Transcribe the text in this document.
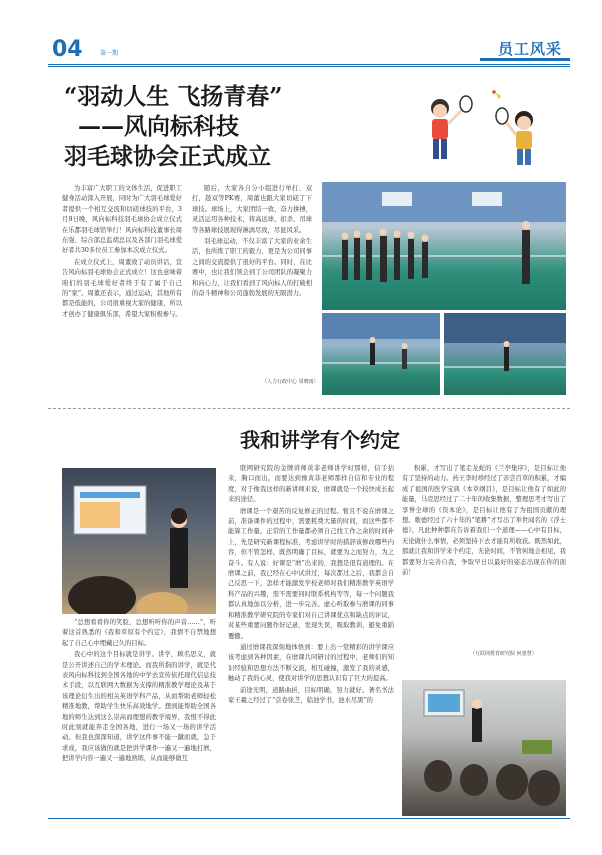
04	第一期	员工风采
“羽动人生 飞扬青春”
——风向标科技
羽毛球协会正式成立

为丰富广大职工的文体生活，促进职工健身活动深入开展，同时为广大羽毛球爱好者提供一个相互交流和切磋球技的平台，3月9日晚，风向标科技羽毛球协会成立仪式在乐都羽毛球馆举行！风向标科技董事长周东强、综合部总监胡总以及各部门羽毛球爱好者共30多位员工参加本次成立仪式。

在成立仪式上，周董致了动员讲话，宣告风向标羽毛球协会正式成立！这也意味着咱们的羽毛球爱好者终于有了属于自己的“家”。周董还表示，通过运动，其他所有都是低能的，公司很重视大家的健康，所以才创办了健康俱乐部，希望大家积极参与。

随后，大家各自分小组进行单打、双打，趁双等PK赛，周董也跟大家切磋了下球技。球场上，大家团结一致，奋力拼搏，灵活运用各种技术，将高远球，扣杀、吊球等各路球技展现得淋漓尽致，尽显风采。

羽毛球运动，不仅丰富了大家的业余生活，也所练了职工的毅力，更是为公司同事之间的交流提供了很好的平台。同时，在比赛中，也让我们领会到了公司团队的凝聚力和向心力，让我们看到了风向标人的打破相的奋斗精神和公司蓬勃发展的无限潜力。

（人力行政中心 周晓雨）
我和讲学有个约定

“总想看看你的笑脸，总想听听你的声音……”，听着这首熟悉的《我和草原有个约定》，我情不自禁地想起了自己心中埋藏已久的目标。

我心中的这个目标就是讲学。讲学，顾名思义，就是公开讲述自己的学术理论。而我所指的讲学，就是代表风向标科技到全国各地的中学去宣传依托现代信息技术手段，以互联网大数据为支撑的精准教学理论及基于该理论衍生出的相关英语学科产品，从而帮助老师轻松精准地教，帮助学生快乐高效地学。想到能帮助全国各地的师生达到这么崇高而理想的教学境界，我恨不得此时此刻就能奔走全国各地，进行一场又一场的讲学活动。但我也深深知道，讲学这件事不能一蹴而就，急于求成，我应该做的就是把讲学课件一遍又一遍地打磨，把讲学内容一遍又一遍地熟练，从而能够做互

联网研究院的金牌讲师黄菲老师讲学时那样，信手拈来，胸口而出。而要达到像黄菲老师那样自信和专业的程度，对于像我这样的新讲师来说，磨课就是一个较快成长起来的途径。

磨课是一个艰苦的反复修正的过程。暂且不说在磨课之前，准备课件的过程中，需要耗费大量的时间，而这些都不能算工作量。正常的工作量都必须自己找工作之余的时间补上，先是研究新课程标准，考虑讲学时的措辞该修改哪些内容，但不管怎样，既然明确了目标，就要为之而努力，为之奋斗。有人说：好课是“磨”出来的，我想是很有道理的。在磨课之前，我已经在心中试讲过，每次都过之后，我都会自己反思一下，怎样才能激发学校老师对我们精准教学英语学科产品的兴趣，需不需要同时联系机构等等，每一个问题我都认真地加以分析，进一步完善。虚心听取参与磨课的同事和精准教学研究院的专家们对自己讲课优点和缺点的评议，对某些重要问题作好记录，发现失误，吸取教训，避免重蹈覆辙。

通过磨课我深刻地体悟到：要上出一堂精彩的讲学课应该考虑到各种因素，在磨课共同研讨的过程中，老师们的知识经验和思想方法不断交流，相互碰撞，激发了我的灵感，触动了我的心灵，使我对讲学的思想认识有了巨大的提高。

前途光明，道路曲折，目标明确，努力就好。著名书法家王羲之经过了“尝卷张芝，临池学书，池水尽黑”的

积累，才写出了笔走龙蛇的《兰亭集序》，是目标让他有了坚持的动力。药王李时珍经过了亲尝百草的积累，才编成了祖国的医学宝典《本草纲目》，是目标让他有了如此的能量，马克思经过了二十年的收集数据，整理思考才写出了享誉全球的《资本论》，是目标让他有了为祖国贡献的理想。歌德经过了六十年的“笔耕”才写出了举世闻名的《浮士德》，凡此种种都在告诉着我们一个道理——心中有目标，无论做什么事情，必须坚持下去才能有所收获。既然如此，那就让我和讲学来个约定，无论时间，不管何地会相见，我都要努力完善自我，争取早日以最好的姿态出现在你的面前！

（互联网教育研究院 何惠慧）
